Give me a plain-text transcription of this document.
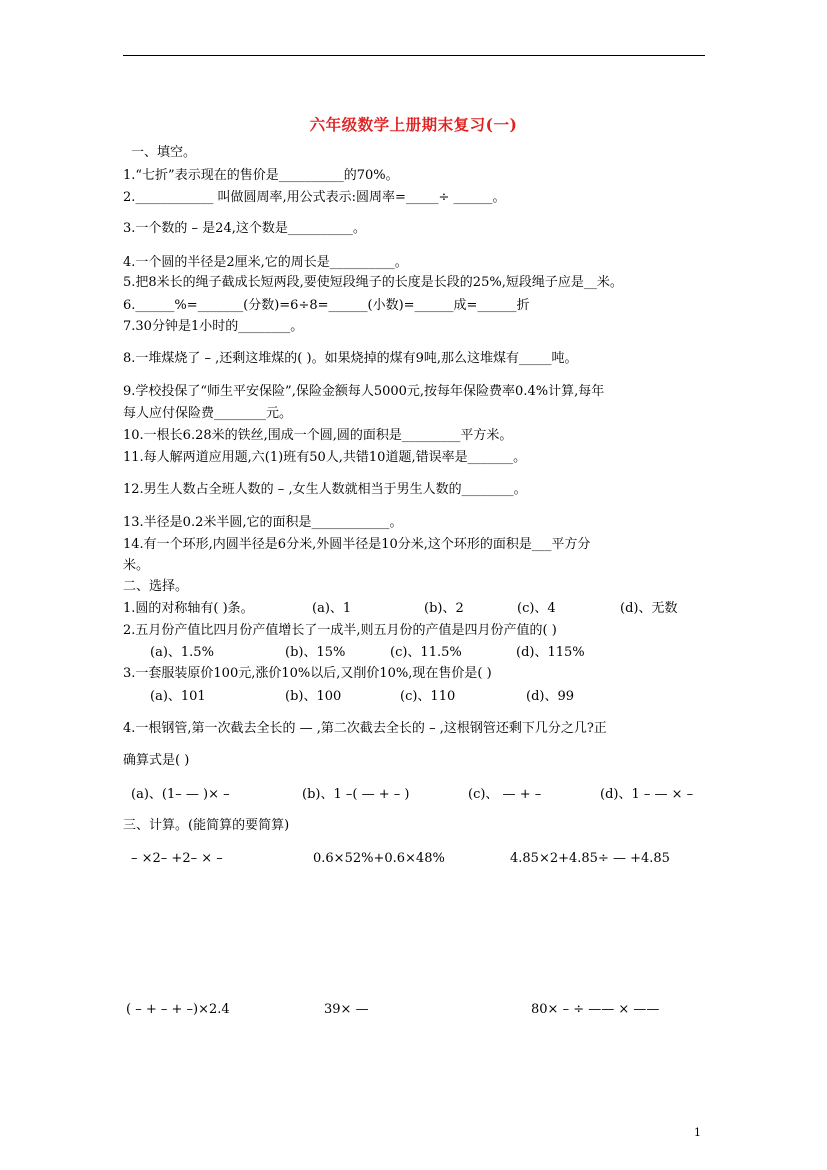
六年级数学上册期末复习(一)
一、填空。
1.“七折”表示现在的售价是__________的70%。
2.____________ 叫做圆周率,用公式表示:圆周率=_____÷ ______。
3.一个数的 – 是24,这个数是__________。
4.一个圆的半径是2厘米,它的周长是__________。
5.把8米长的绳子截成长短两段,要使短段绳子的长度是长段的25%,短段绳子应是__米。
6.______%=_______(分数)=6÷8=______(小数)=______成=______折
7.30分钟是1小时的________。
8.一堆煤烧了 – ,还剩这堆煤的( )。如果烧掉的煤有9吨,那么这堆煤有_____吨。
9.学校投保了“师生平安保险”,保险金额每人5000元,按每年保险费率0.4%计算,每年
每人应付保险费________元。
10.一根长6.28米的铁丝,围成一个圆,圆的面积是_________平方米。
11.每人解两道应用题,六(1)班有50人,共错10道题,错误率是_______。
12.男生人数占全班人数的 – ,女生人数就相当于男生人数的________。
13.半径是0.2米半圆,它的面积是____________。
14.有一个环形,内圆半径是6分米,外圆半径是10分米,这个环形的面积是___平方分
米。
二、选择。
1.圆的对称轴有( )条。	(a)、1	(b)、2	(c)、4	(d)、无数
2.五月份产值比四月份产值增长了一成半,则五月份的产值是四月份产值的( )
(a)、1.5%	(b)、15%	(c)、11.5%	(d)、115%
3.一套服装原价100元,涨价10%以后,又削价10%,现在售价是( )
(a)、101	(b)、100	(c)、110	(d)、99
4.一根钢管,第一次截去全长的 — ,第二次截去全长的 – ,这根钢管还剩下几分之几?正
确算式是( )
(a)、(1– — )× –	(b)、1 –( — + – )	(c)、 — + –	(d)、1 – — × –
三、计算。(能简算的要简算)
– ×2– +2– × –	0.6×52%+0.6×48%	4.85×2+4.85÷ — +4.85
( – + – + –)×2.4	39× —	80× – ÷ —— × ——
1
